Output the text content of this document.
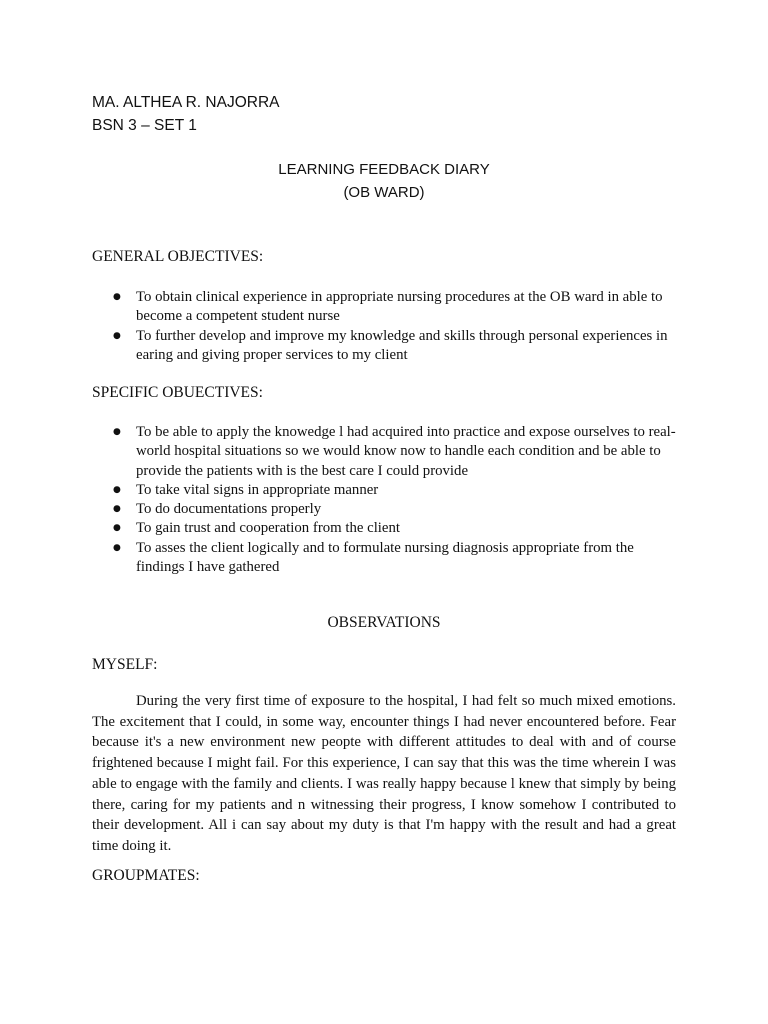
MA. ALTHEA R. NAJORRA

BSN 3 – SET 1

LEARNING FEEDBACK DIARY

(OB WARD)

GENERAL OBJECTIVES:

● To obtain clinical experience in appropriate nursing procedures at the OB ward in able to become a competent student nurse
● To further develop and improve my knowledge and skills through personal experiences in earing and giving proper services to my client

SPECIFIC OBUECTIVES:

● To be able to apply the knowedge l had acquired into practice and expose ourselves to real-world hospital situations so we would know now to handle each condition and be able to provide the patients with is the best care I could provide
● To take vital signs in appropriate manner
● To do documentations properly
● To gain trust and cooperation from the client
● To asses the client logically and to formulate nursing diagnosis appropriate from the findings I have gathered

OBSERVATIONS

MYSELF:

During the very first time of exposure to the hospital, I had felt so much mixed emotions. The excitement that I could, in some way, encounter things I had never encountered before. Fear because it's a new environment new peopte with different attitudes to deal with and of course frightened because I might fail. For this experience, I can say that this was the time wherein I was able to engage with the family and clients. I was really happy because l knew that simply by being there, caring for my patients and n witnessing their progress, I know somehow I contributed to their development. All i can say about my duty is that I'm happy with the result and had a great time doing it.

GROUPMATES:
